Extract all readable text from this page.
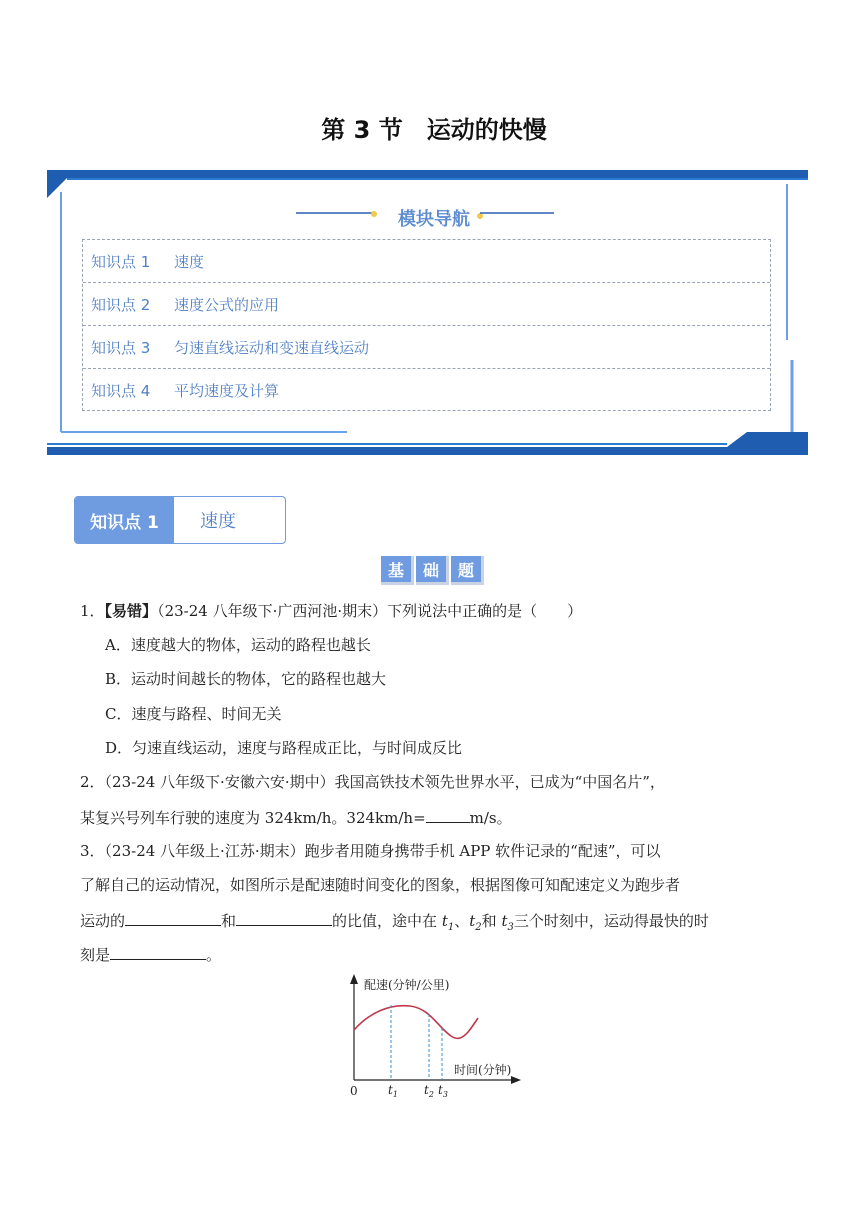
第 3 节　运动的快慢
模块导航
知识点 1	速度
知识点 2	速度公式的应用
知识点 3	匀速直线运动和变速直线运动
知识点 4	平均速度及计算
知识点 1	速度
基	础	题
1．【易错】（23-24 八年级下·广西河池·期末）下列说法中正确的是（　　）
A．速度越大的物体，运动的路程也越长
B．运动时间越长的物体，它的路程也越大
C．速度与路程、时间无关
D．匀速直线运动，速度与路程成正比，与时间成反比
2．（23-24 八年级下·安徽六安·期中）我国高铁技术领先世界水平，已成为“中国名片”，
某复兴号列车行驶的速度为 324km/h。324km/h=	m/s。
3．（23-24 八年级上·江苏·期末）跑步者用随身携带手机 APP 软件记录的“配速”，可以
了解自己的运动情况，如图所示是配速随时间变化的图象，根据图像可知配速定义为跑步者
运动的	和	的比值，途中在 $t_1$、$t_2$和 $t_3$三个时刻中，运动得最快的时
刻是	。
配速(分钟/公里)
时间(分钟)
0	$t_1$ $t_2$ $t_3$
